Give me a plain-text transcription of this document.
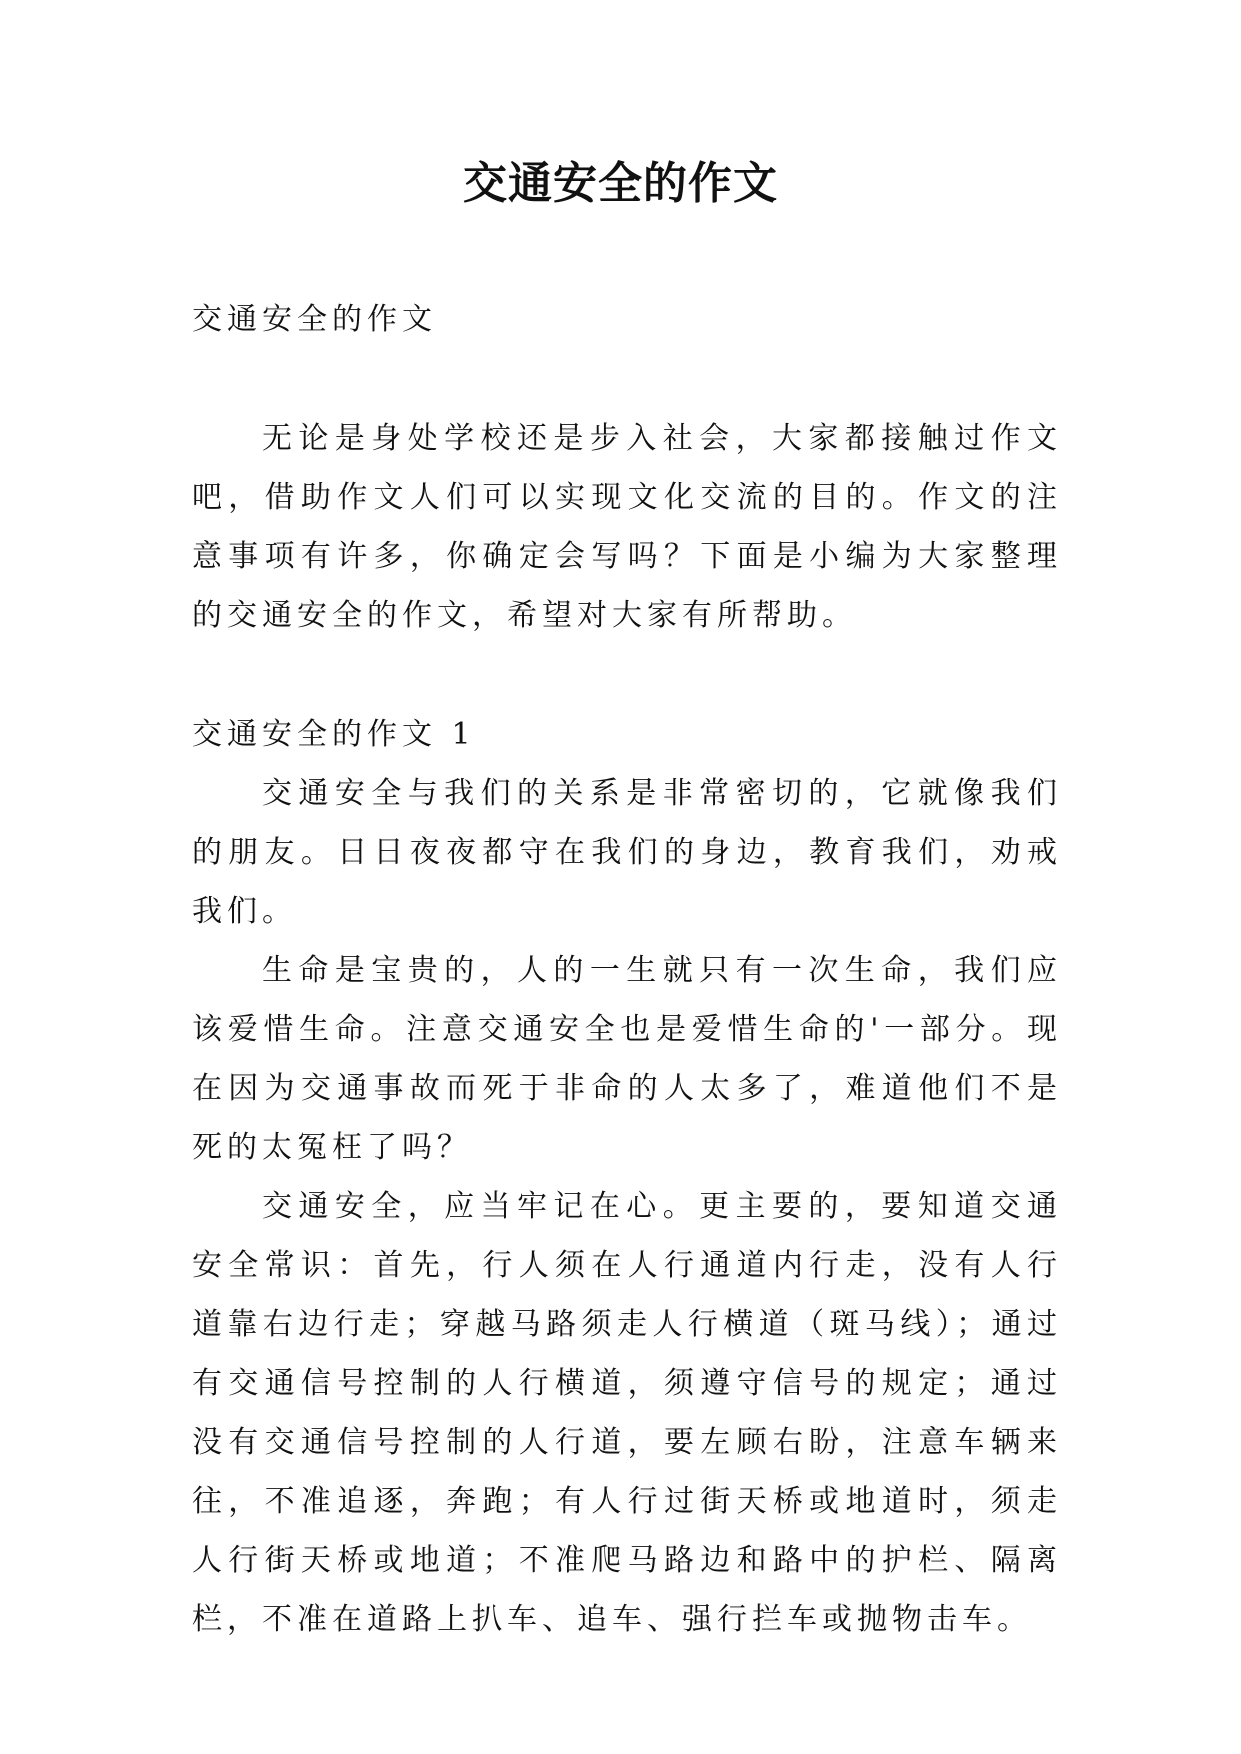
交通安全的作文

交通安全的作文

无论是身处学校还是步入社会，大家都接触过作文吧，借助作文人们可以实现文化交流的目的。作文的注意事项有许多，你确定会写吗？下面是小编为大家整理的交通安全的作文，希望对大家有所帮助。

交通安全的作文 1

交通安全与我们的关系是非常密切的，它就像我们的朋友。日日夜夜都守在我们的身边，教育我们，劝戒我们。

生命是宝贵的，人的一生就只有一次生命，我们应该爱惜生命。注意交通安全也是爱惜生命的'一部分。现在因为交通事故而死于非命的人太多了，难道他们不是死的太冤枉了吗？

交通安全，应当牢记在心。更主要的，要知道交通安全常识：首先，行人须在人行通道内行走，没有人行道靠右边行走；穿越马路须走人行横道（斑马线）；通过有交通信号控制的人行横道，须遵守信号的规定；通过没有交通信号控制的人行道，要左顾右盼，注意车辆来往，不准追逐，奔跑；有人行过街天桥或地道时，须走人行街天桥或地道；不准爬马路边和路中的护栏、隔离栏，不准在道路上扒车、追车、强行拦车或抛物击车。
